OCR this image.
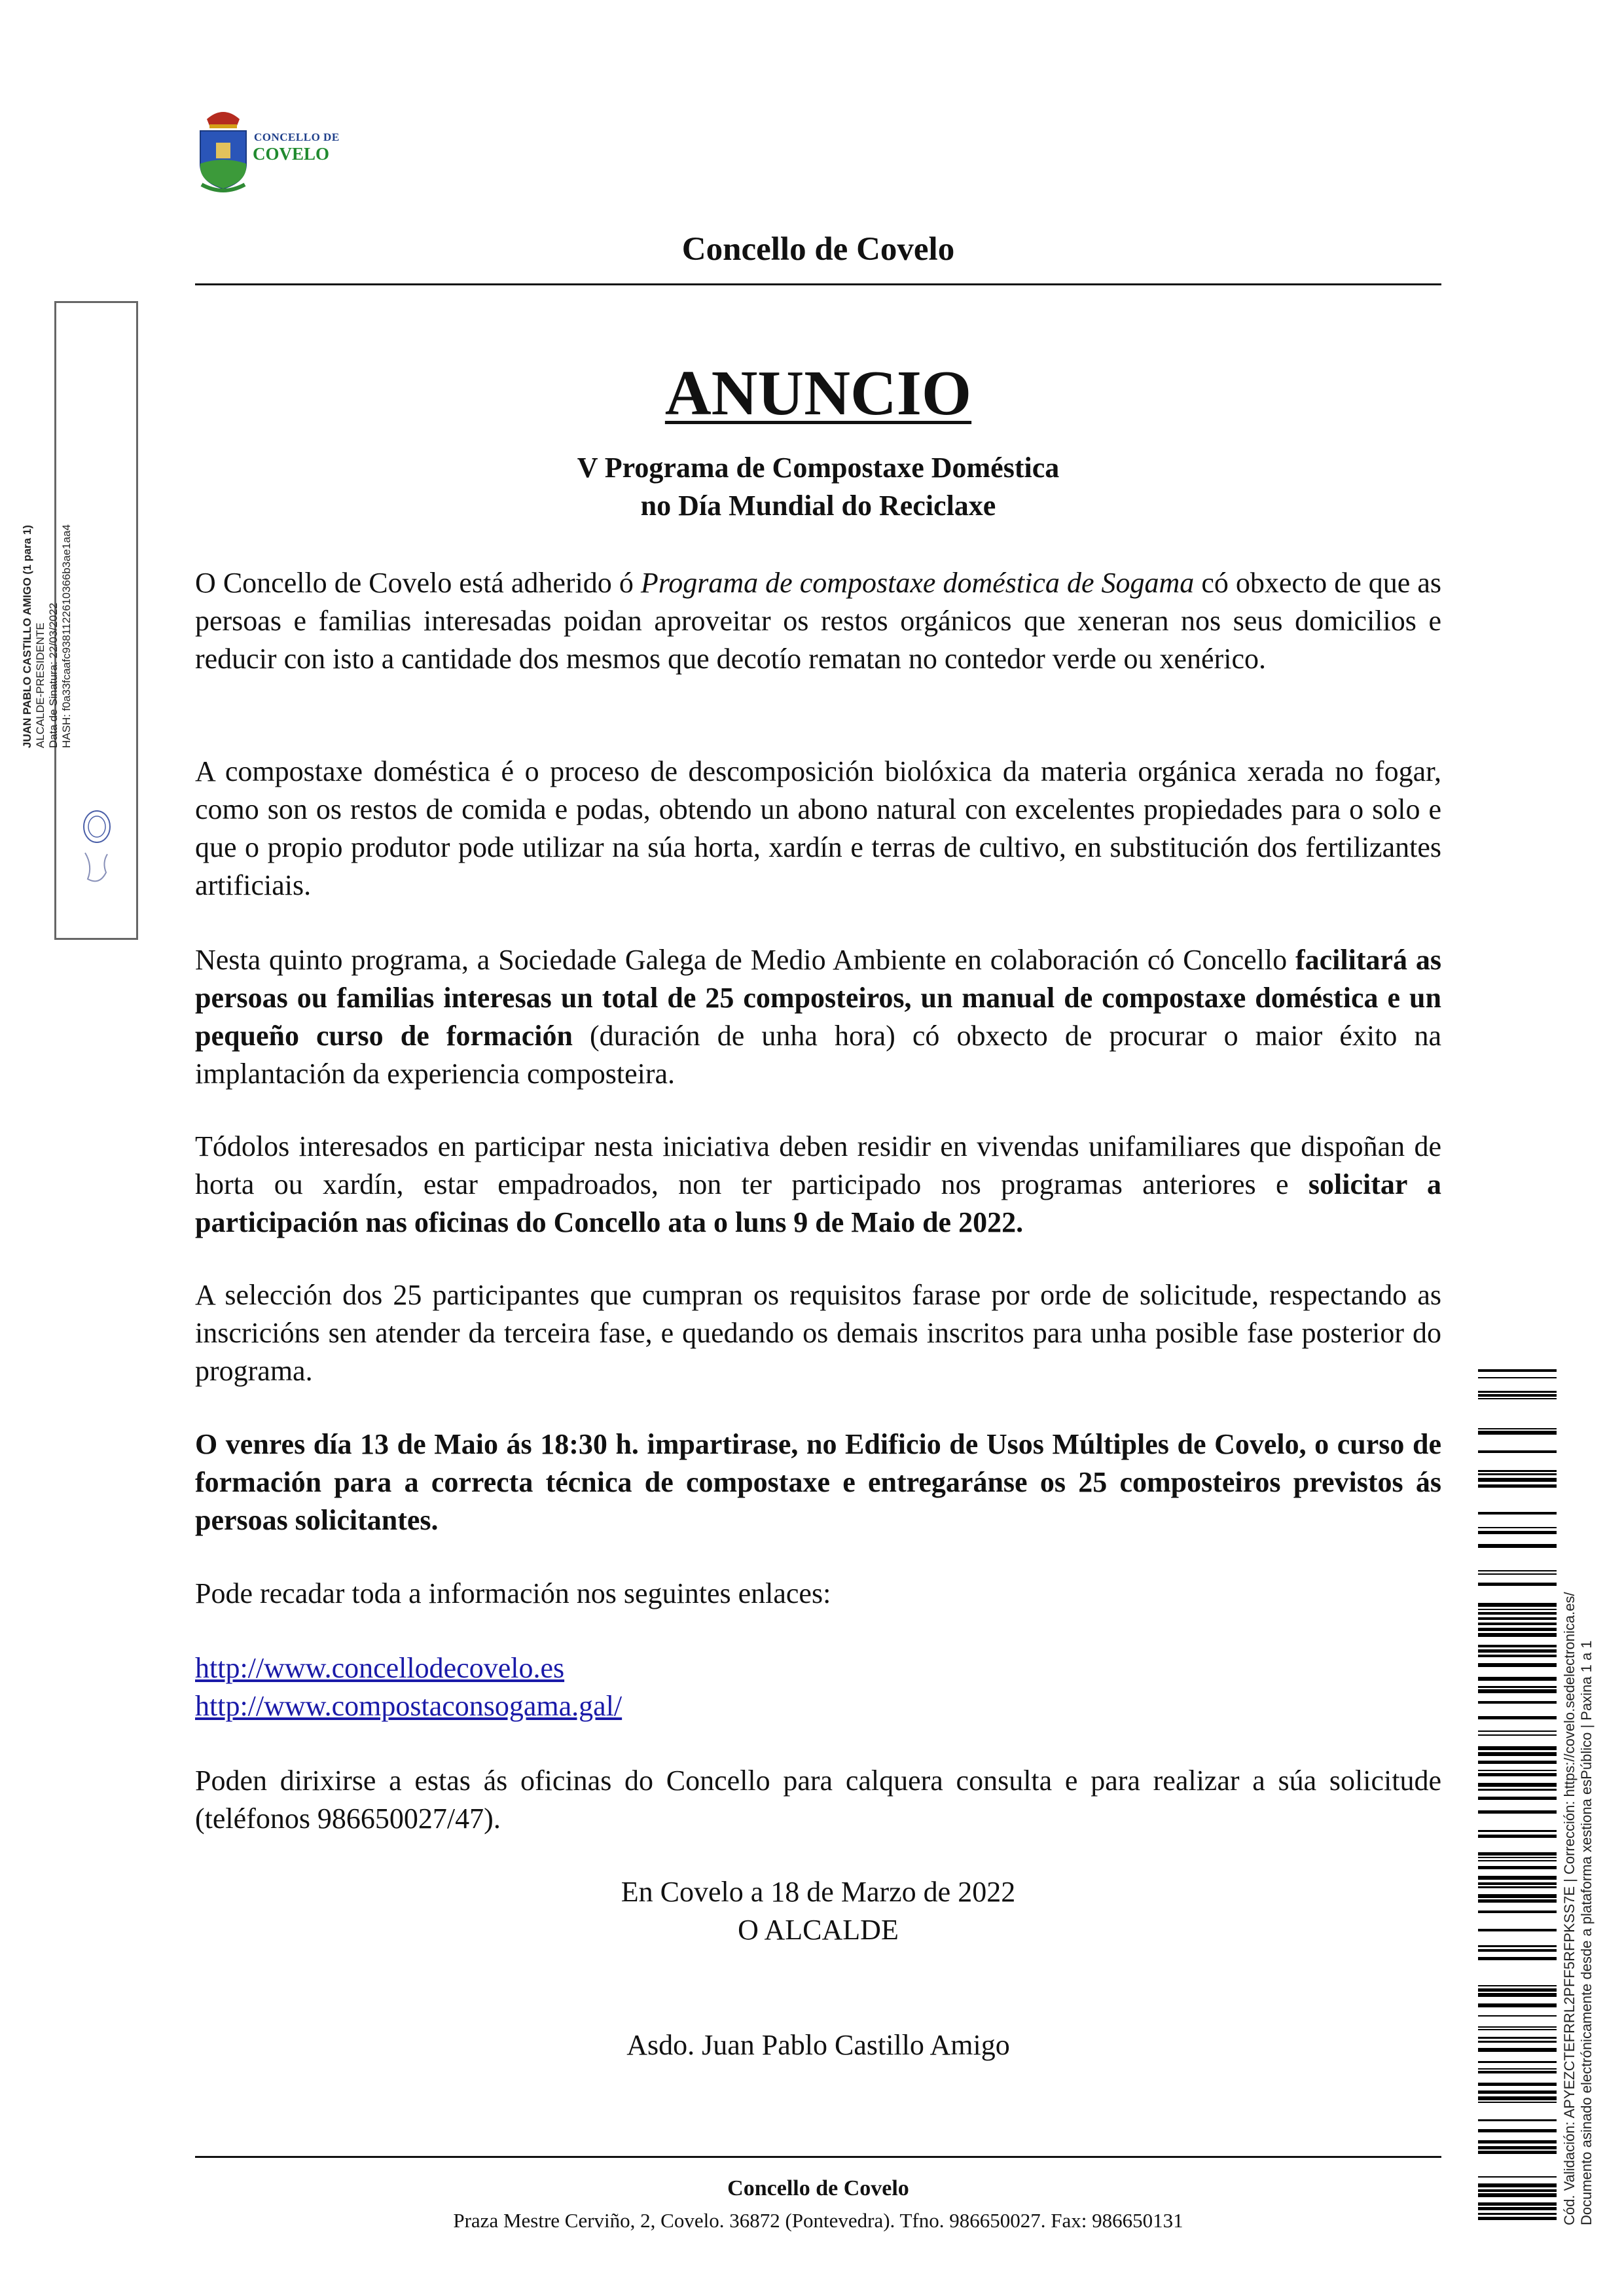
CONCELLO DE
COVELO
Concello de Covelo
JUAN PABLO CASTILLO AMIGO (1 para 1) ALCALDE-PRESIDENTE Data de Sinatura: 22/03/2022 HASH: f0a33fcaafc93811226103​66b3ae1aa4
ANUNCIO
V Programa de Compostaxe Doméstica
no Día Mundial do Reciclaxe
O Concello de Covelo está adherido ó Programa de compostaxe doméstica de Sogama có obxecto de que as persoas e familias interesadas poidan aproveitar os restos orgánicos que xeneran nos seus domicilios e reducir con isto a cantidade dos mesmos que decotío rematan no contedor verde ou xenérico.
A compostaxe doméstica é o proceso de descomposición biolóxica da materia orgánica xerada no fogar, como son os restos de comida e podas, obtendo un abono natural con excelentes propiedades para o solo e que o propio produtor pode utilizar na súa horta, xardín e terras de cultivo, en substitución dos fertilizantes artificiais.
Nesta quinto programa, a Sociedade Galega de Medio Ambiente en colaboración có Concello facilitará as persoas ou familias interesas un total de 25 composteiros, un manual de compostaxe doméstica e un pequeño curso de formación (duración de unha hora) có obxecto de procurar o maior éxito na implantación da experiencia composteira.
Tódolos interesados en participar nesta iniciativa deben residir en vivendas unifamiliares que dispoñan de horta ou xardín, estar empadroados, non ter participado nos programas anteriores e solicitar a participación nas oficinas do Concello ata o luns 9 de Maio de 2022.
A selección dos 25 participantes que cumpran os requisitos farase por orde de solicitude, respectando as inscricións sen atender da terceira fase, e quedando os demais inscritos para unha posible fase posterior do programa.
O venres día 13 de Maio ás 18:30 h. impartirase, no Edificio de Usos Múltiples de Covelo, o curso de formación para a correcta técnica de compostaxe e entregaránse os 25 composteiros previstos ás persoas solicitantes.
Pode recadar toda a información nos seguintes enlaces:
http://www.concellodecovelo.es
http://www.compostaconsogama.gal/
Poden dirixirse a estas ás oficinas do Concello para calquera consulta e para realizar a súa solicitude (teléfonos 986650027/47).
En Covelo a 18 de Marzo de 2022
O ALCALDE
Asdo. Juan Pablo Castillo Amigo
Concello de Covelo
Praza Mestre Cerviño, 2, Covelo. 36872 (Pontevedra). Tfno. 986650027. Fax: 986650131	Cód. Validación: APYEZCTEFRRL2PFF5RFPKSS7E | Corrección: https://covelo.sedelectronica.es/ Documento asinado electrónicamente desde a plataforma xestiona esPúblico | Paxina 1 a 1
